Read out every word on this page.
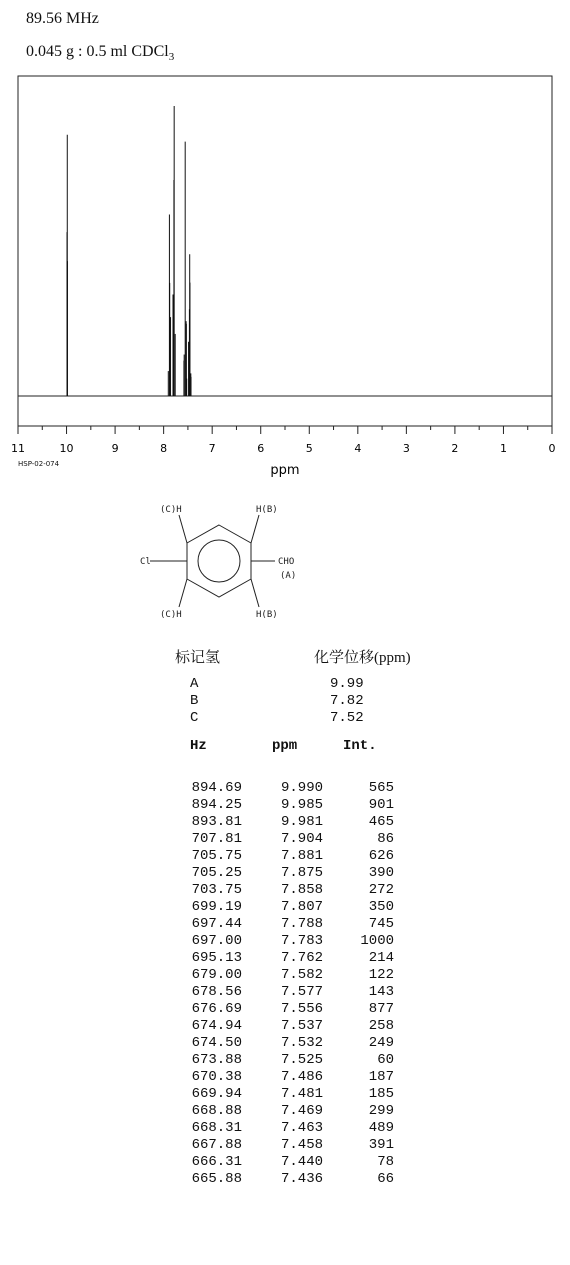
89.56 MHz
0.045 g : 0.5 ml CDCl$_3$
11	10	9	8	7	6	5	4	3	2	1	0
ppm
HSP-02-074
(C)H	H(B)
Cl	CHO
(A)
(C)H	H(B)
标记氢	化学位移(ppm)
A	9.99
B	7.82
C	7.52
Hz	ppm	Int.
894.69	9.990	565
894.25	9.985	901
893.81	9.981	465
707.81	7.904	86
705.75	7.881	626
705.25	7.875	390
703.75	7.858	272
699.19	7.807	350
697.44	7.788	745
697.00	7.783	1000
695.13	7.762	214
679.00	7.582	122
678.56	7.577	143
676.69	7.556	877
674.94	7.537	258
674.50	7.532	249
673.88	7.525	60
670.38	7.486	187
669.94	7.481	185
668.88	7.469	299
668.31	7.463	489
667.88	7.458	391
666.31	7.440	78
665.88	7.436	66
